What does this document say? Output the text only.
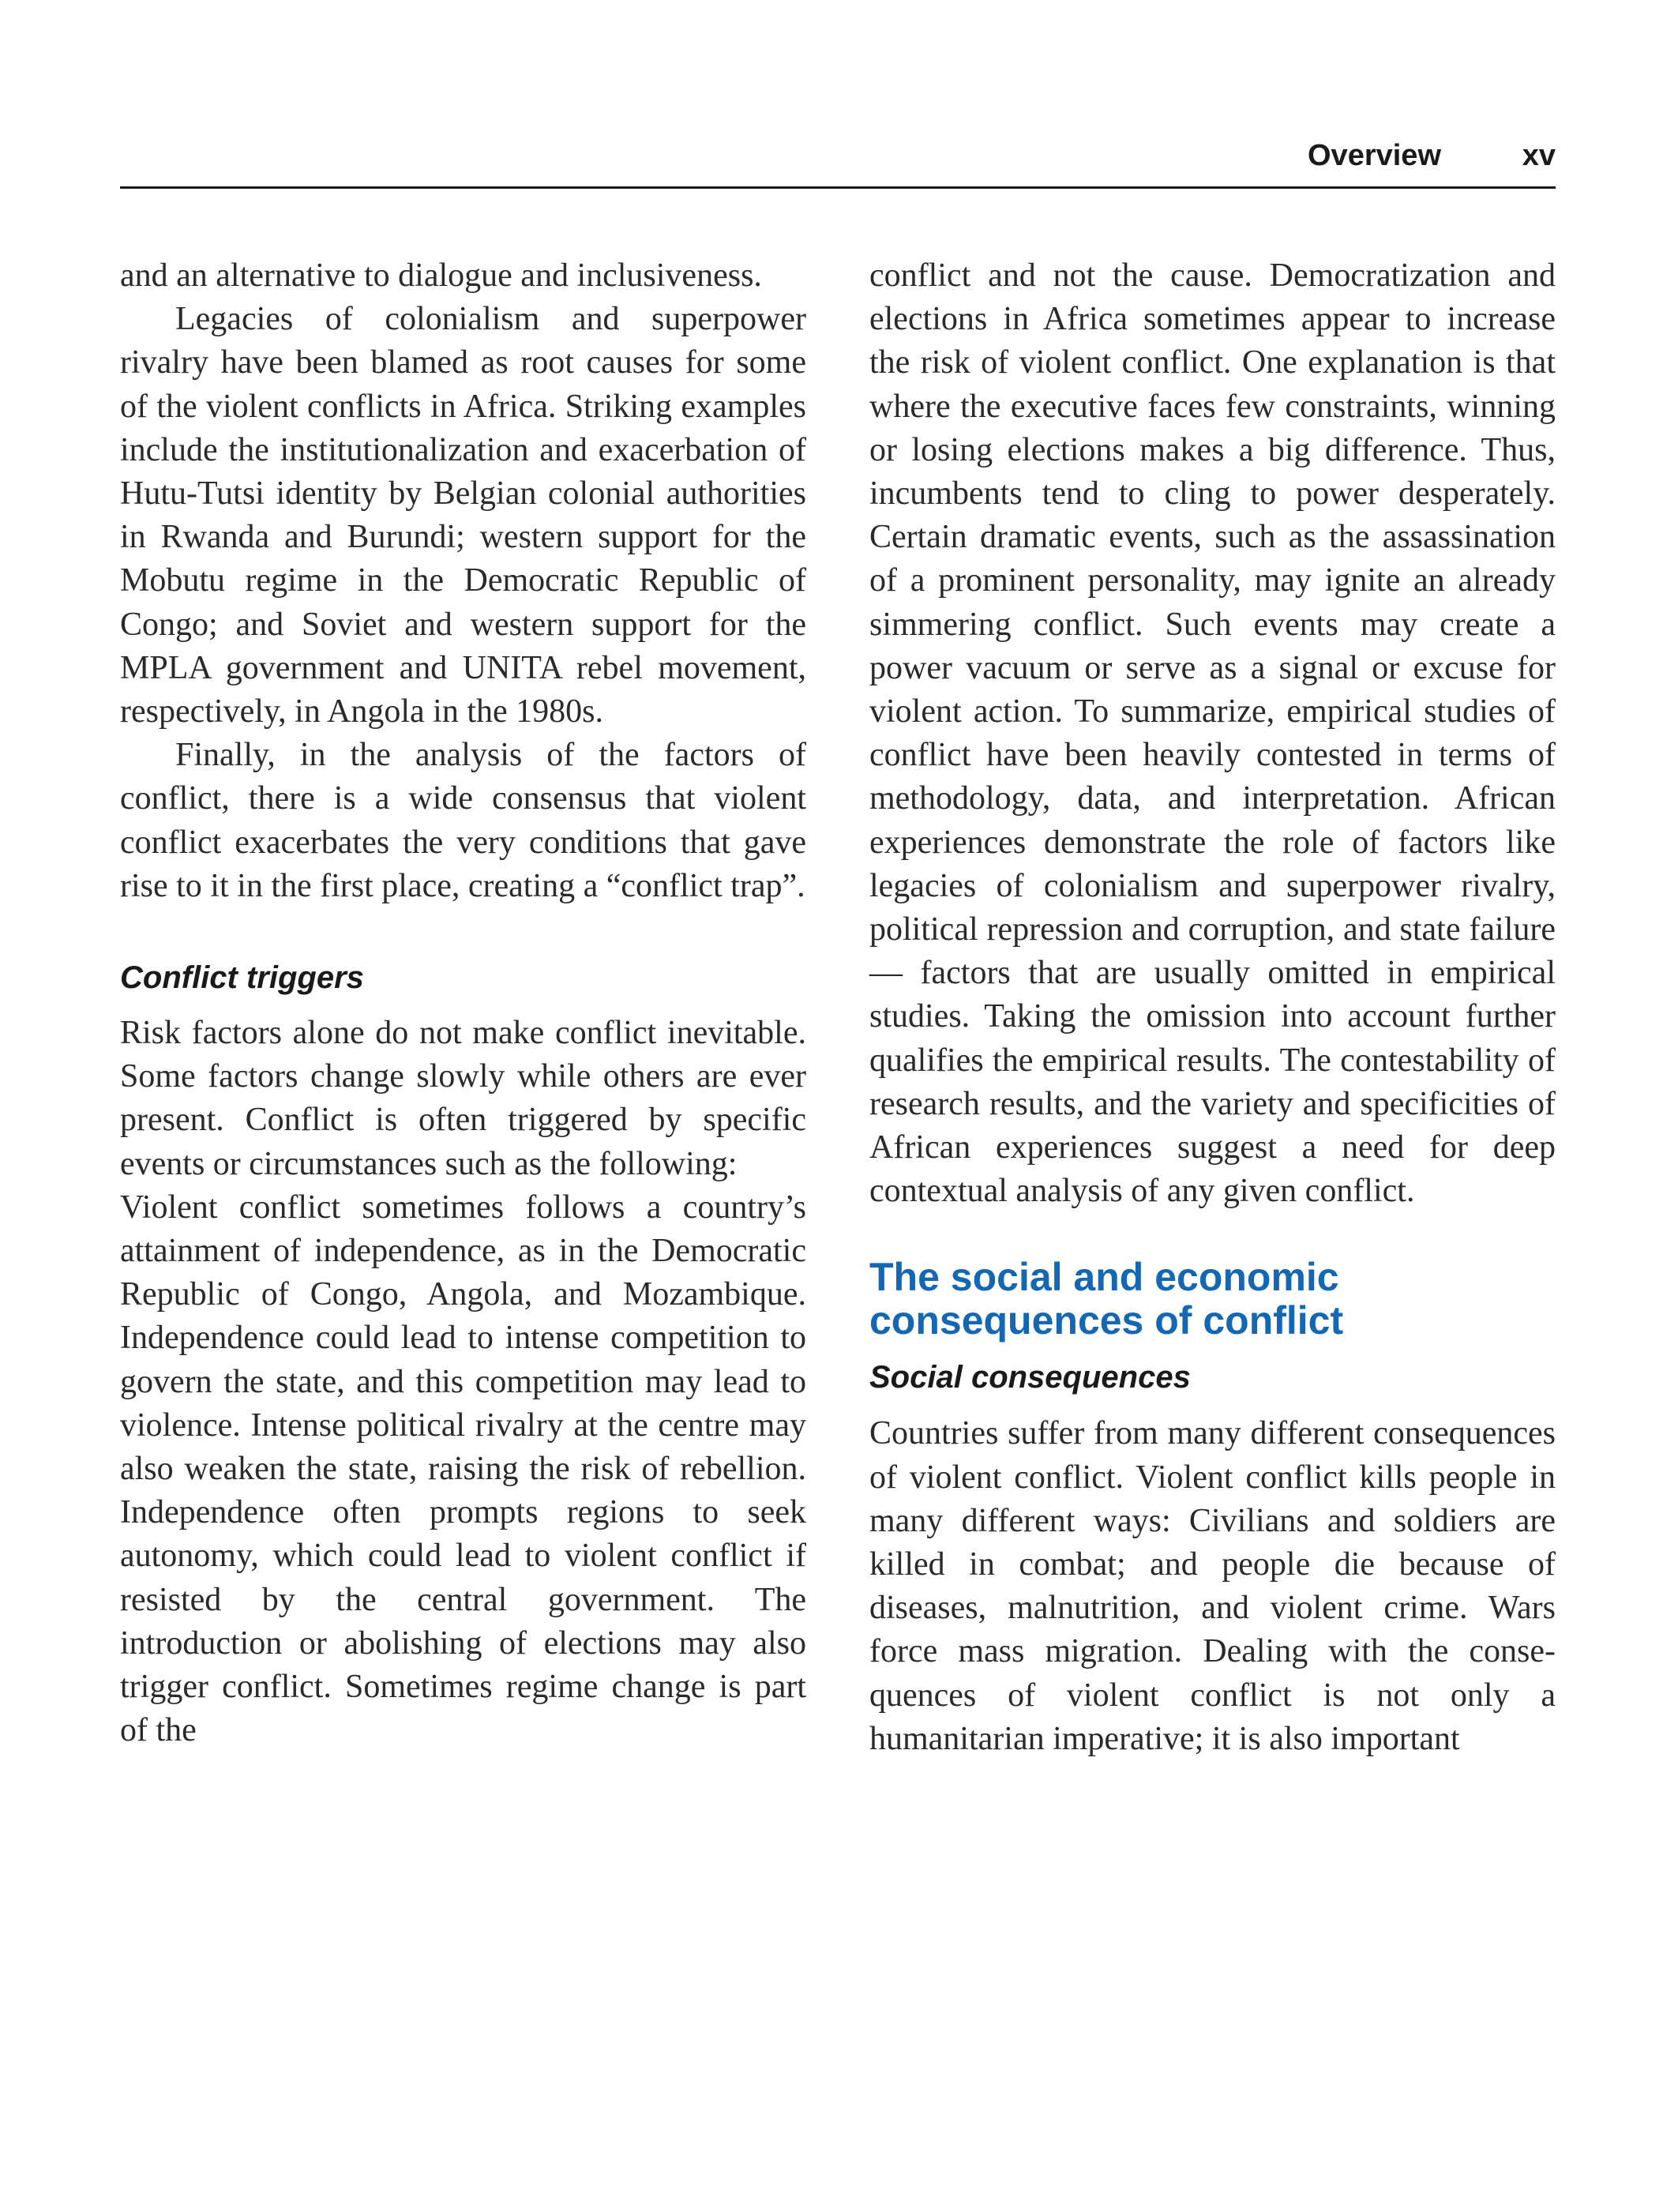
Overview	xv

and an alternative to dialogue and inclusiveness.

Legacies of colonialism and superpower rivalry have been blamed as root causes for some of the violent conflicts in Africa. Striking examples include the institutionalization and exacerbation of Hutu-Tutsi identity by Belgian colonial authorities in Rwanda and Burundi; western support for the Mobutu regime in the Democratic Republic of Congo; and Soviet and western support for the MPLA government and UNITA rebel movement, respectively, in Angola in the 1980s.

Finally, in the analysis of the factors of conflict, there is a wide consensus that violent conflict exacerbates the very conditions that gave rise to it in the first place, creating a “conflict trap”.

Conflict triggers

Risk factors alone do not make conflict inevitable. Some factors change slowly while others are ever present. Conflict is often triggered by specific events or circumstances such as the following:

Violent conflict sometimes follows a country’s attainment of independence, as in the Democratic Republic of Congo, Angola, and Mozambique. Independence could lead to intense competition to govern the state, and this competition may lead to violence. Intense political rivalry at the centre may also weaken the state, raising the risk of rebellion. Independence often prompts regions to seek autonomy, which could lead to violent conflict if resisted by the central government. The introduction or abolishing of elections may also trigger conflict. Sometimes regime change is part of the

conflict and not the cause. Democratization and elections in Africa sometimes appear to increase the risk of violent conflict. One explanation is that where the executive faces few constraints, winning or losing elections makes a big difference. Thus, incumbents tend to cling to power desperately. Certain dramatic events, such as the assassination of a prominent personality, may ignite an already simmering conflict. Such events may create a power vacuum or serve as a signal or excuse for violent action. To summarize, empirical studies of conflict have been heavily contested in terms of methodology, data, and interpretation. African experiences demonstrate the role of factors like legacies of colonialism and superpower rivalry, political repression and corruption, and state failure — factors that are usually omitted in empirical studies. Taking the omission into account further qualifies the empirical results. The contestability of research results, and the variety and specificities of African experiences suggest a need for deep contextual analysis of any given conflict.

The social and economic
consequences of conflict
Social consequences

Countries suffer from many different consequences of violent conflict. Violent conflict kills people in many different ways: Civilians and soldiers are killed in combat; and people die because of diseases, malnutrition, and violent crime. Wars force mass migration. Dealing with the consequences of violent conflict is not only a humanitarian imperative; it is also important
